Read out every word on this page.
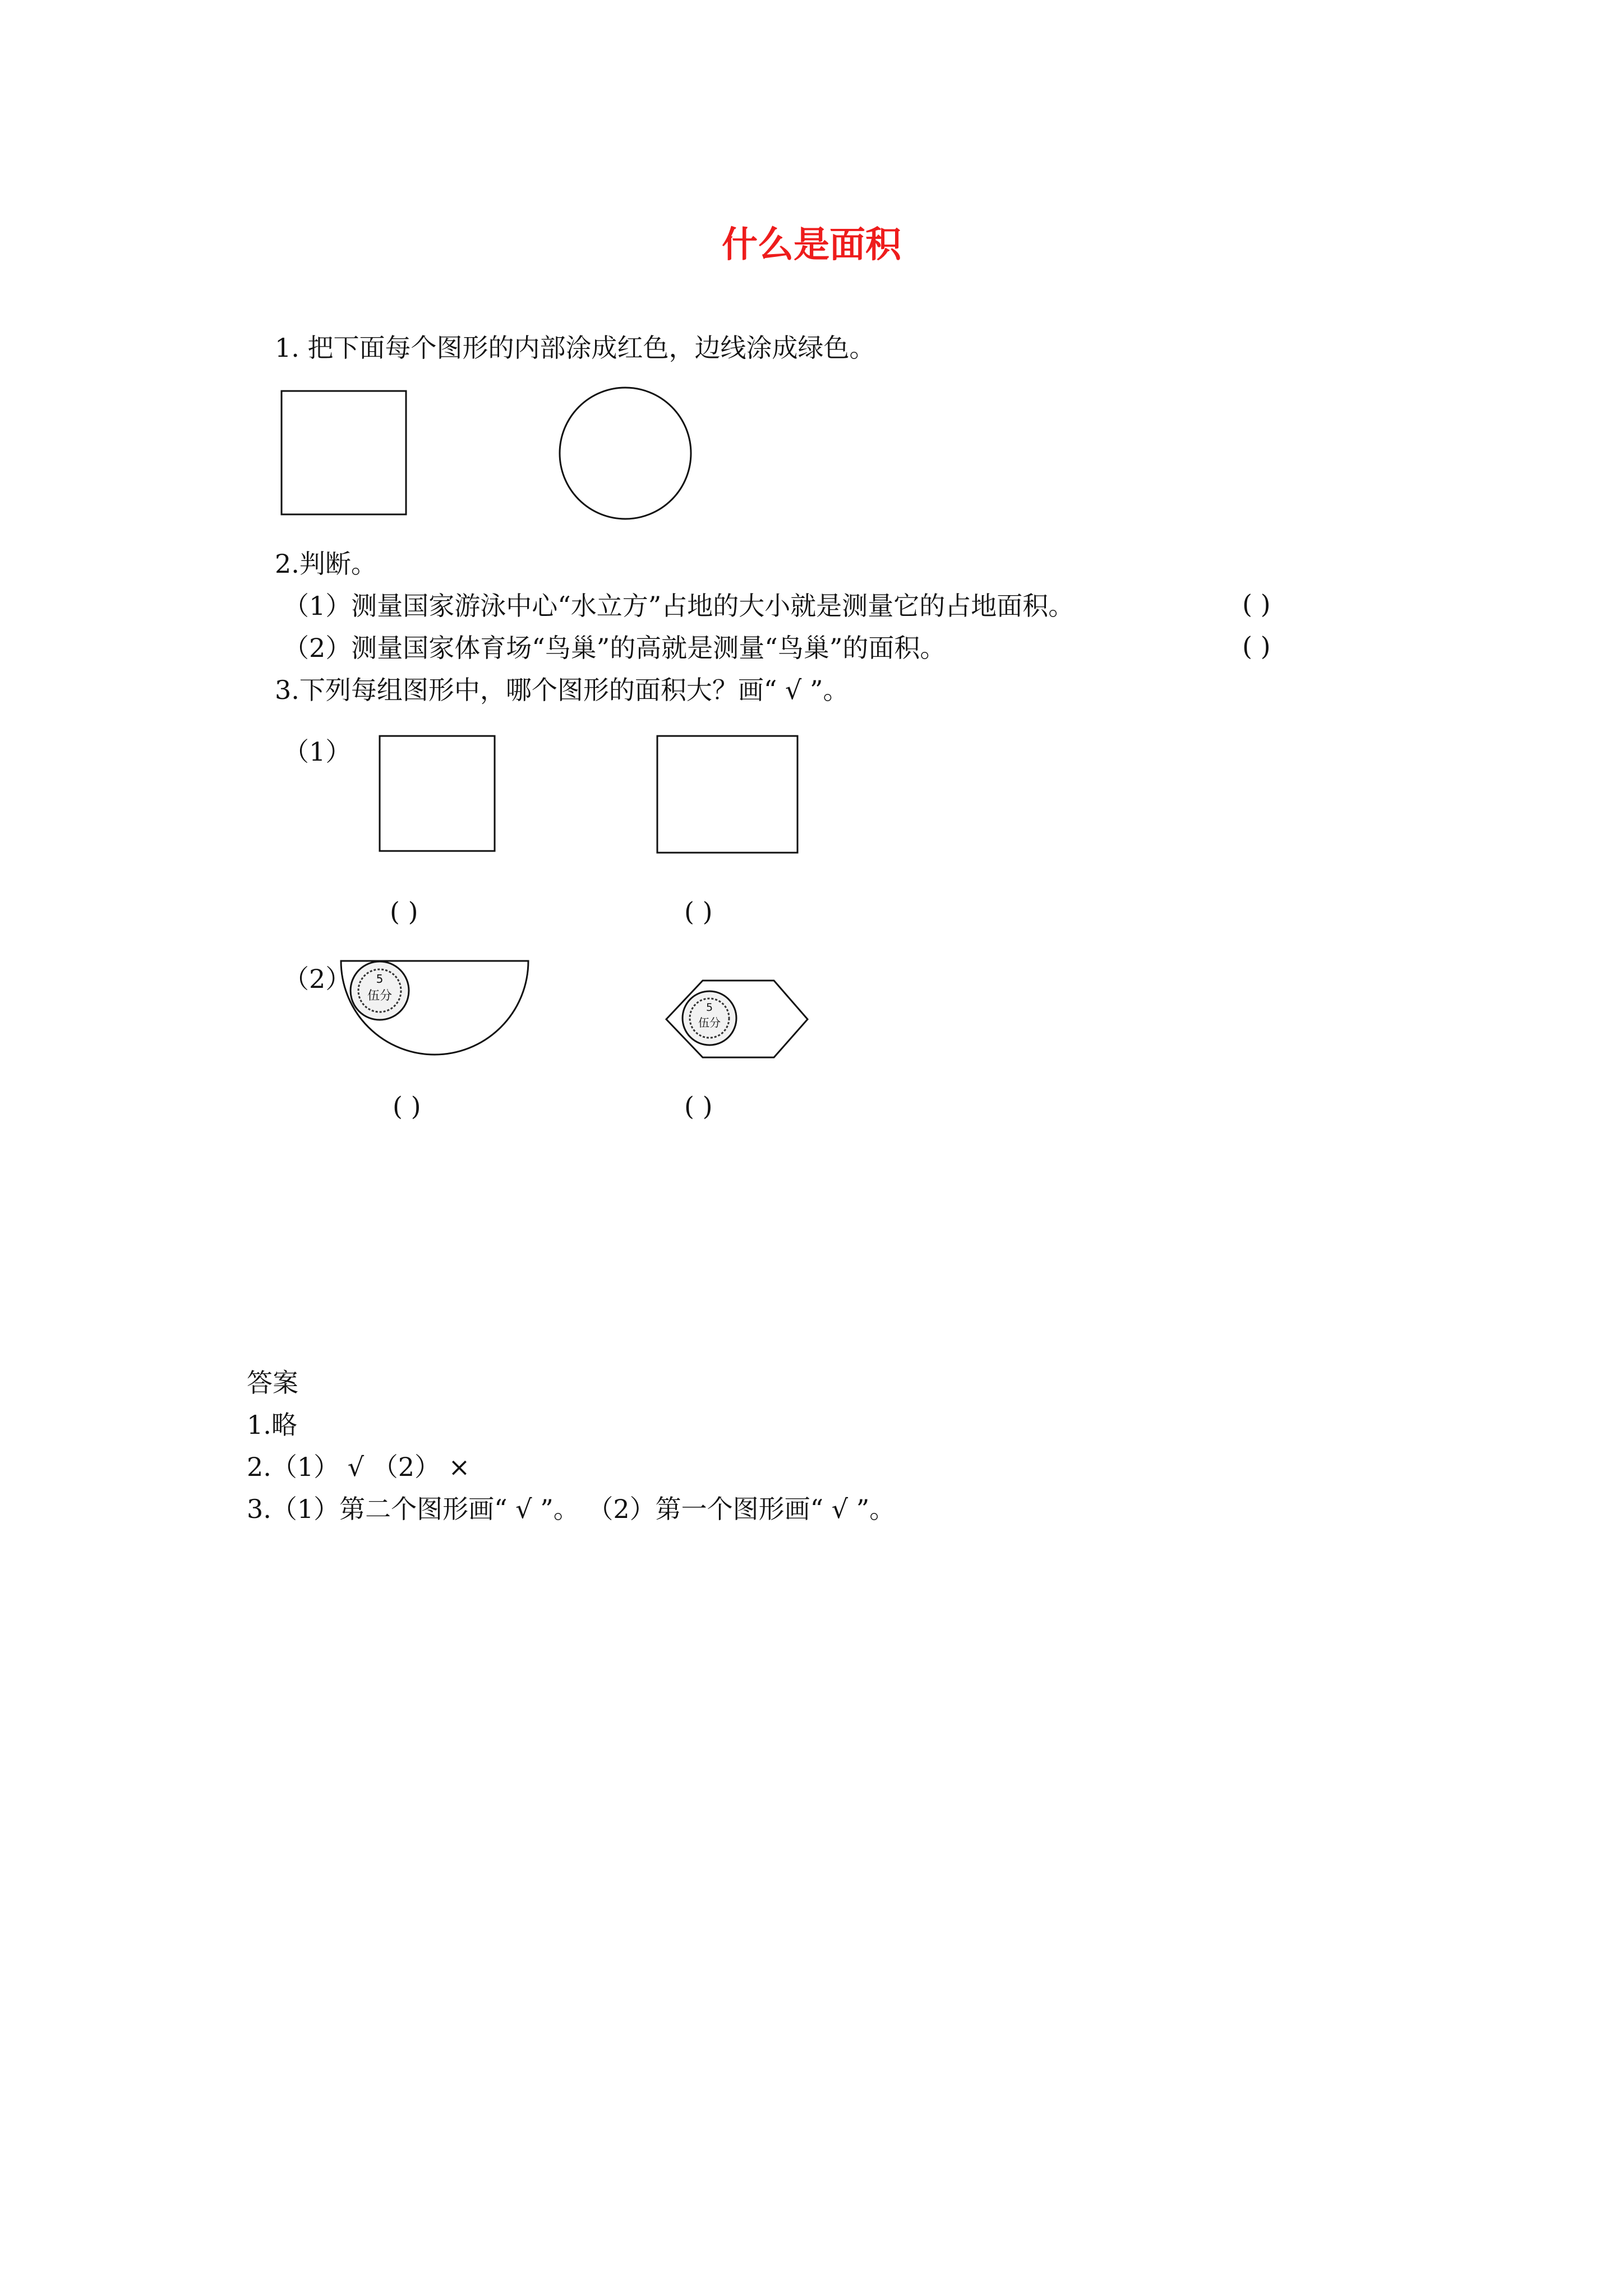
什么是面积
1. 把下面每个图形的内部涂成红色，边线涂成绿色。
2.判断。
（1）测量国家游泳中心“水立方”占地的大小就是测量它的占地面积。	( )
（2）测量国家体育场“鸟巢”的高就是测量“鸟巢”的面积。	( )
3.下列每组图形中，哪个图形的面积大？画“ √ ”。
（1）
( )	( )
（2） 5
伍分
5
伍分
( )	( )
答案
1.略
2.（1） √ （2） ×
3.（1）第二个图形画“ √ ”。 （2）第一个图形画“ √ ”。
